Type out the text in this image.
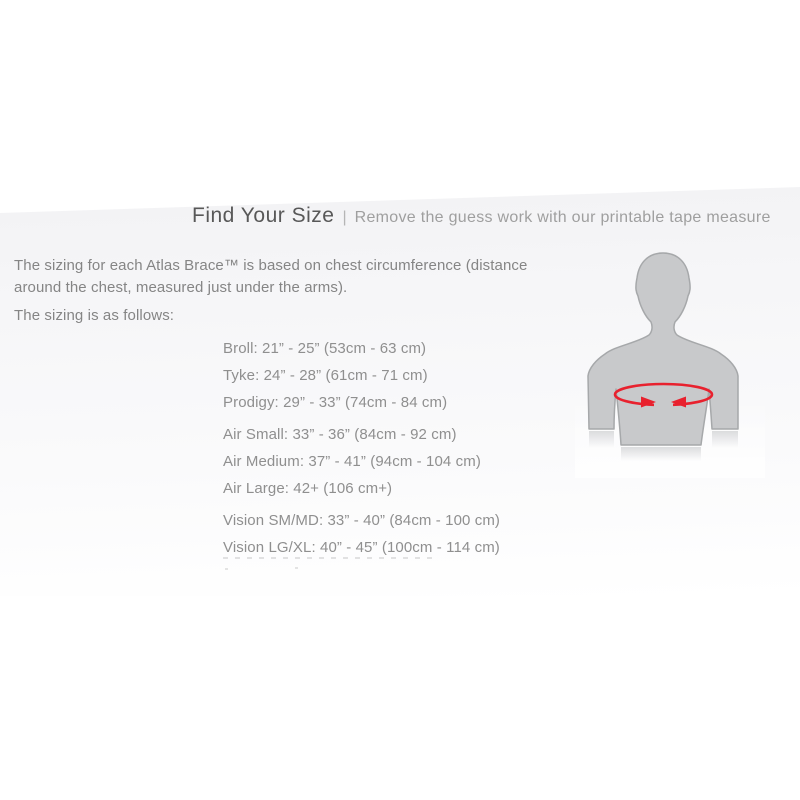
Find Your Size | Remove the guess work with our printable tape measure
The sizing for each Atlas Brace™ is based on chest circumference (distance
around the chest, measured just under the arms).
The sizing is as follows:
Broll: 21” - 25” (53cm - 63 cm)
Tyke: 24” - 28” (61cm - 71 cm)
Prodigy: 29” - 33” (74cm - 84 cm)
Air Small: 33” - 36” (84cm - 92 cm)
Air Medium: 37” - 41” (94cm - 104 cm)
Air Large: 42+ (106 cm+)
Vision SM/MD: 33” - 40” (84cm - 100 cm)
Vision LG/XL: 40” - 45” (100cm - 114 cm)
